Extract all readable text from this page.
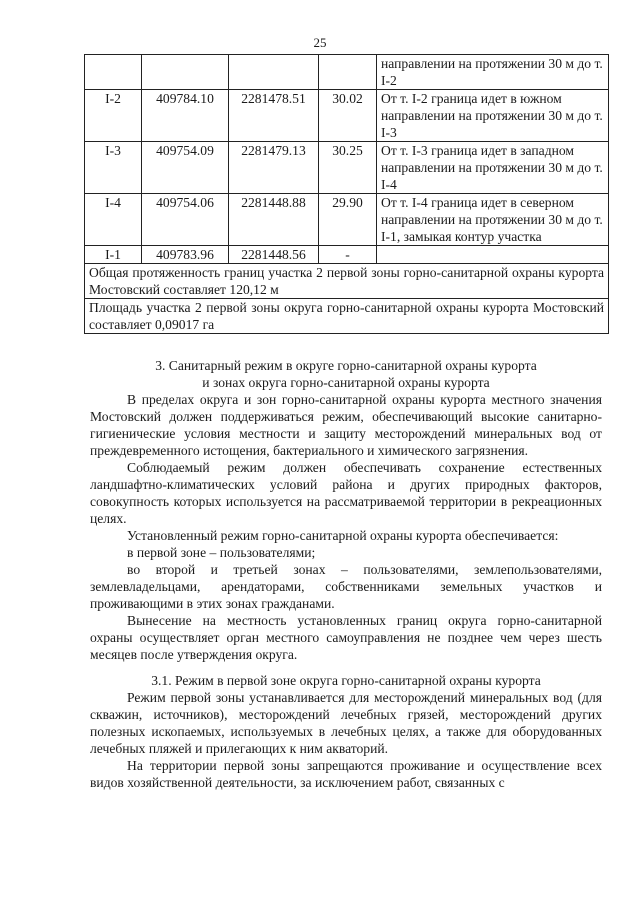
25
				направлении на протяжении 30 м до т. I-2
I-2	409784.10	2281478.51	30.02	От т. I-2 граница идет в южном направлении на протяжении 30 м до т. I-3
I-3	409754.09	2281479.13	30.25	От т. I-3 граница идет в западном направлении на протяжении 30 м до т. I-4
I-4	409754.06	2281448.88	29.90	От т. I-4 граница идет в северном направлении на протяжении 30 м до т. I-1, замыкая контур участка
I-1	409783.96	2281448.56	-	
Общая протяженность границ участка 2 первой зоны горно-санитарной охраны курорта Мостовский составляет 120,12 м				
Площадь участка 2 первой зоны округа горно-санитарной охраны курорта Мостовский составляет 0,09017 га				
3. Санитарный режим в округе горно-санитарной охраны курорта
и зонах округа горно-санитарной охраны курорта
В пределах округа и зон горно-санитарной охраны курорта местного значения Мостовский должен поддерживаться режим, обеспечивающий высокие санитарно-гигиенические условия местности и защиту месторождений минеральных вод от преждевременного истощения, бактериального и химического загрязнения.
Соблюдаемый режим должен обеспечивать сохранение естественных ландшафтно-климатических условий района и других природных факторов, совокупность которых используется на рассматриваемой территории в рекреационных целях.
Установленный режим горно-санитарной охраны курорта обеспечивается:
в первой зоне – пользователями;
во второй и третьей зонах – пользователями, землепользователями, землевладельцами, арендаторами, собственниками земельных участков и проживающими в этих зонах гражданами.
Вынесение на местность установленных границ округа горно-санитарной охраны осуществляет орган местного самоуправления не позднее чем через шесть месяцев после утверждения округа.
3.1. Режим в первой зоне округа горно-санитарной охраны курорта
Режим первой зоны устанавливается для месторождений минеральных вод (для скважин, источников), месторождений лечебных грязей, месторождений других полезных ископаемых, используемых в лечебных целях, а также для оборудованных лечебных пляжей и прилегающих к ним акваторий.
На территории первой зоны запрещаются проживание и осуществление всех видов хозяйственной деятельности, за исключением работ, связанных с
